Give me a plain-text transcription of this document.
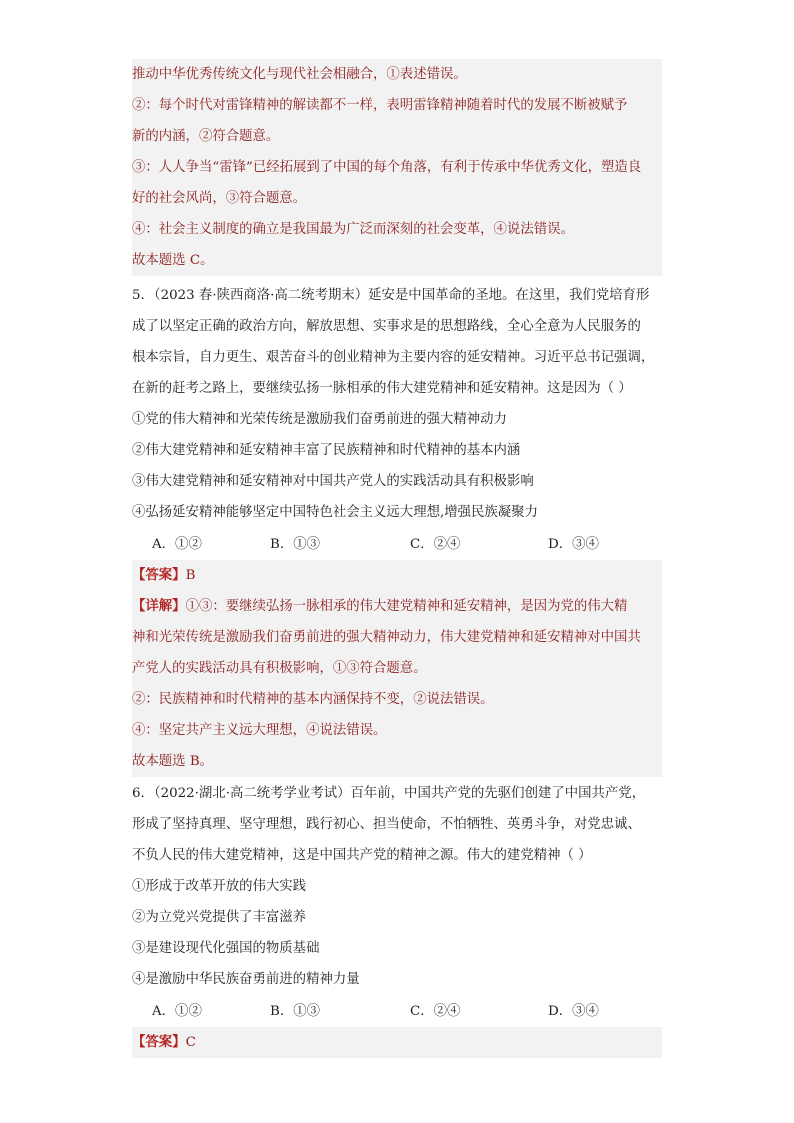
推动中华优秀传统文化与现代社会相融合，①表述错误。
②：每个时代对雷锋精神的解读都不一样，表明雷锋精神随着时代的发展不断被赋予
新的内涵，②符合题意。
③：人人争当“雷锋”已经拓展到了中国的每个角落，有利于传承中华优秀文化，塑造良
好的社会风尚，③符合题意。
④：社会主义制度的确立是我国最为广泛而深刻的社会变革，④说法错误。
故本题选 C。
5．（2023 春·陕西商洛·高二统考期末）延安是中国革命的圣地。在这里，我们党培育形
成了以坚定正确的政治方向，解放思想、实事求是的思想路线，全心全意为人民服务的
根本宗旨，自力更生、艰苦奋斗的创业精神为主要内容的延安精神。习近平总书记强调，
在新的赶考之路上，要继续弘扬一脉相承的伟大建党精神和延安精神。这是因为（ ）
①党的伟大精神和光荣传统是激励我们奋勇前进的强大精神动力
②伟大建党精神和延安精神丰富了民族精神和时代精神的基本内涵
③伟大建党精神和延安精神对中国共产党人的实践活动具有积极影响
④弘扬延安精神能够坚定中国特色社会主义远大理想,增强民族凝聚力
A．①②	B．①③	C．②④	D．③④
【答案】B
【详解】①③：要继续弘扬一脉相承的伟大建党精神和延安精神，是因为党的伟大精
神和光荣传统是激励我们奋勇前进的强大精神动力，伟大建党精神和延安精神对中国共
产党人的实践活动具有积极影响，①③符合题意。
②：民族精神和时代精神的基本内涵保持不变，②说法错误。
④：坚定共产主义远大理想，④说法错误。
故本题选 B。
6．（2022·湖北·高二统考学业考试）百年前，中国共产党的先驱们创建了中国共产党，
形成了坚持真理、坚守理想，践行初心、担当使命，不怕牺牲、英勇斗争，对党忠诚、
不负人民的伟大建党精神，这是中国共产党的精神之源。伟大的建党精神（ ）
①形成于改革开放的伟大实践
②为立党兴党提供了丰富滋养
③是建设现代化强国的物质基础
④是激励中华民族奋勇前进的精神力量
A．①②	B．①③	C．②④	D．③④
【答案】C
